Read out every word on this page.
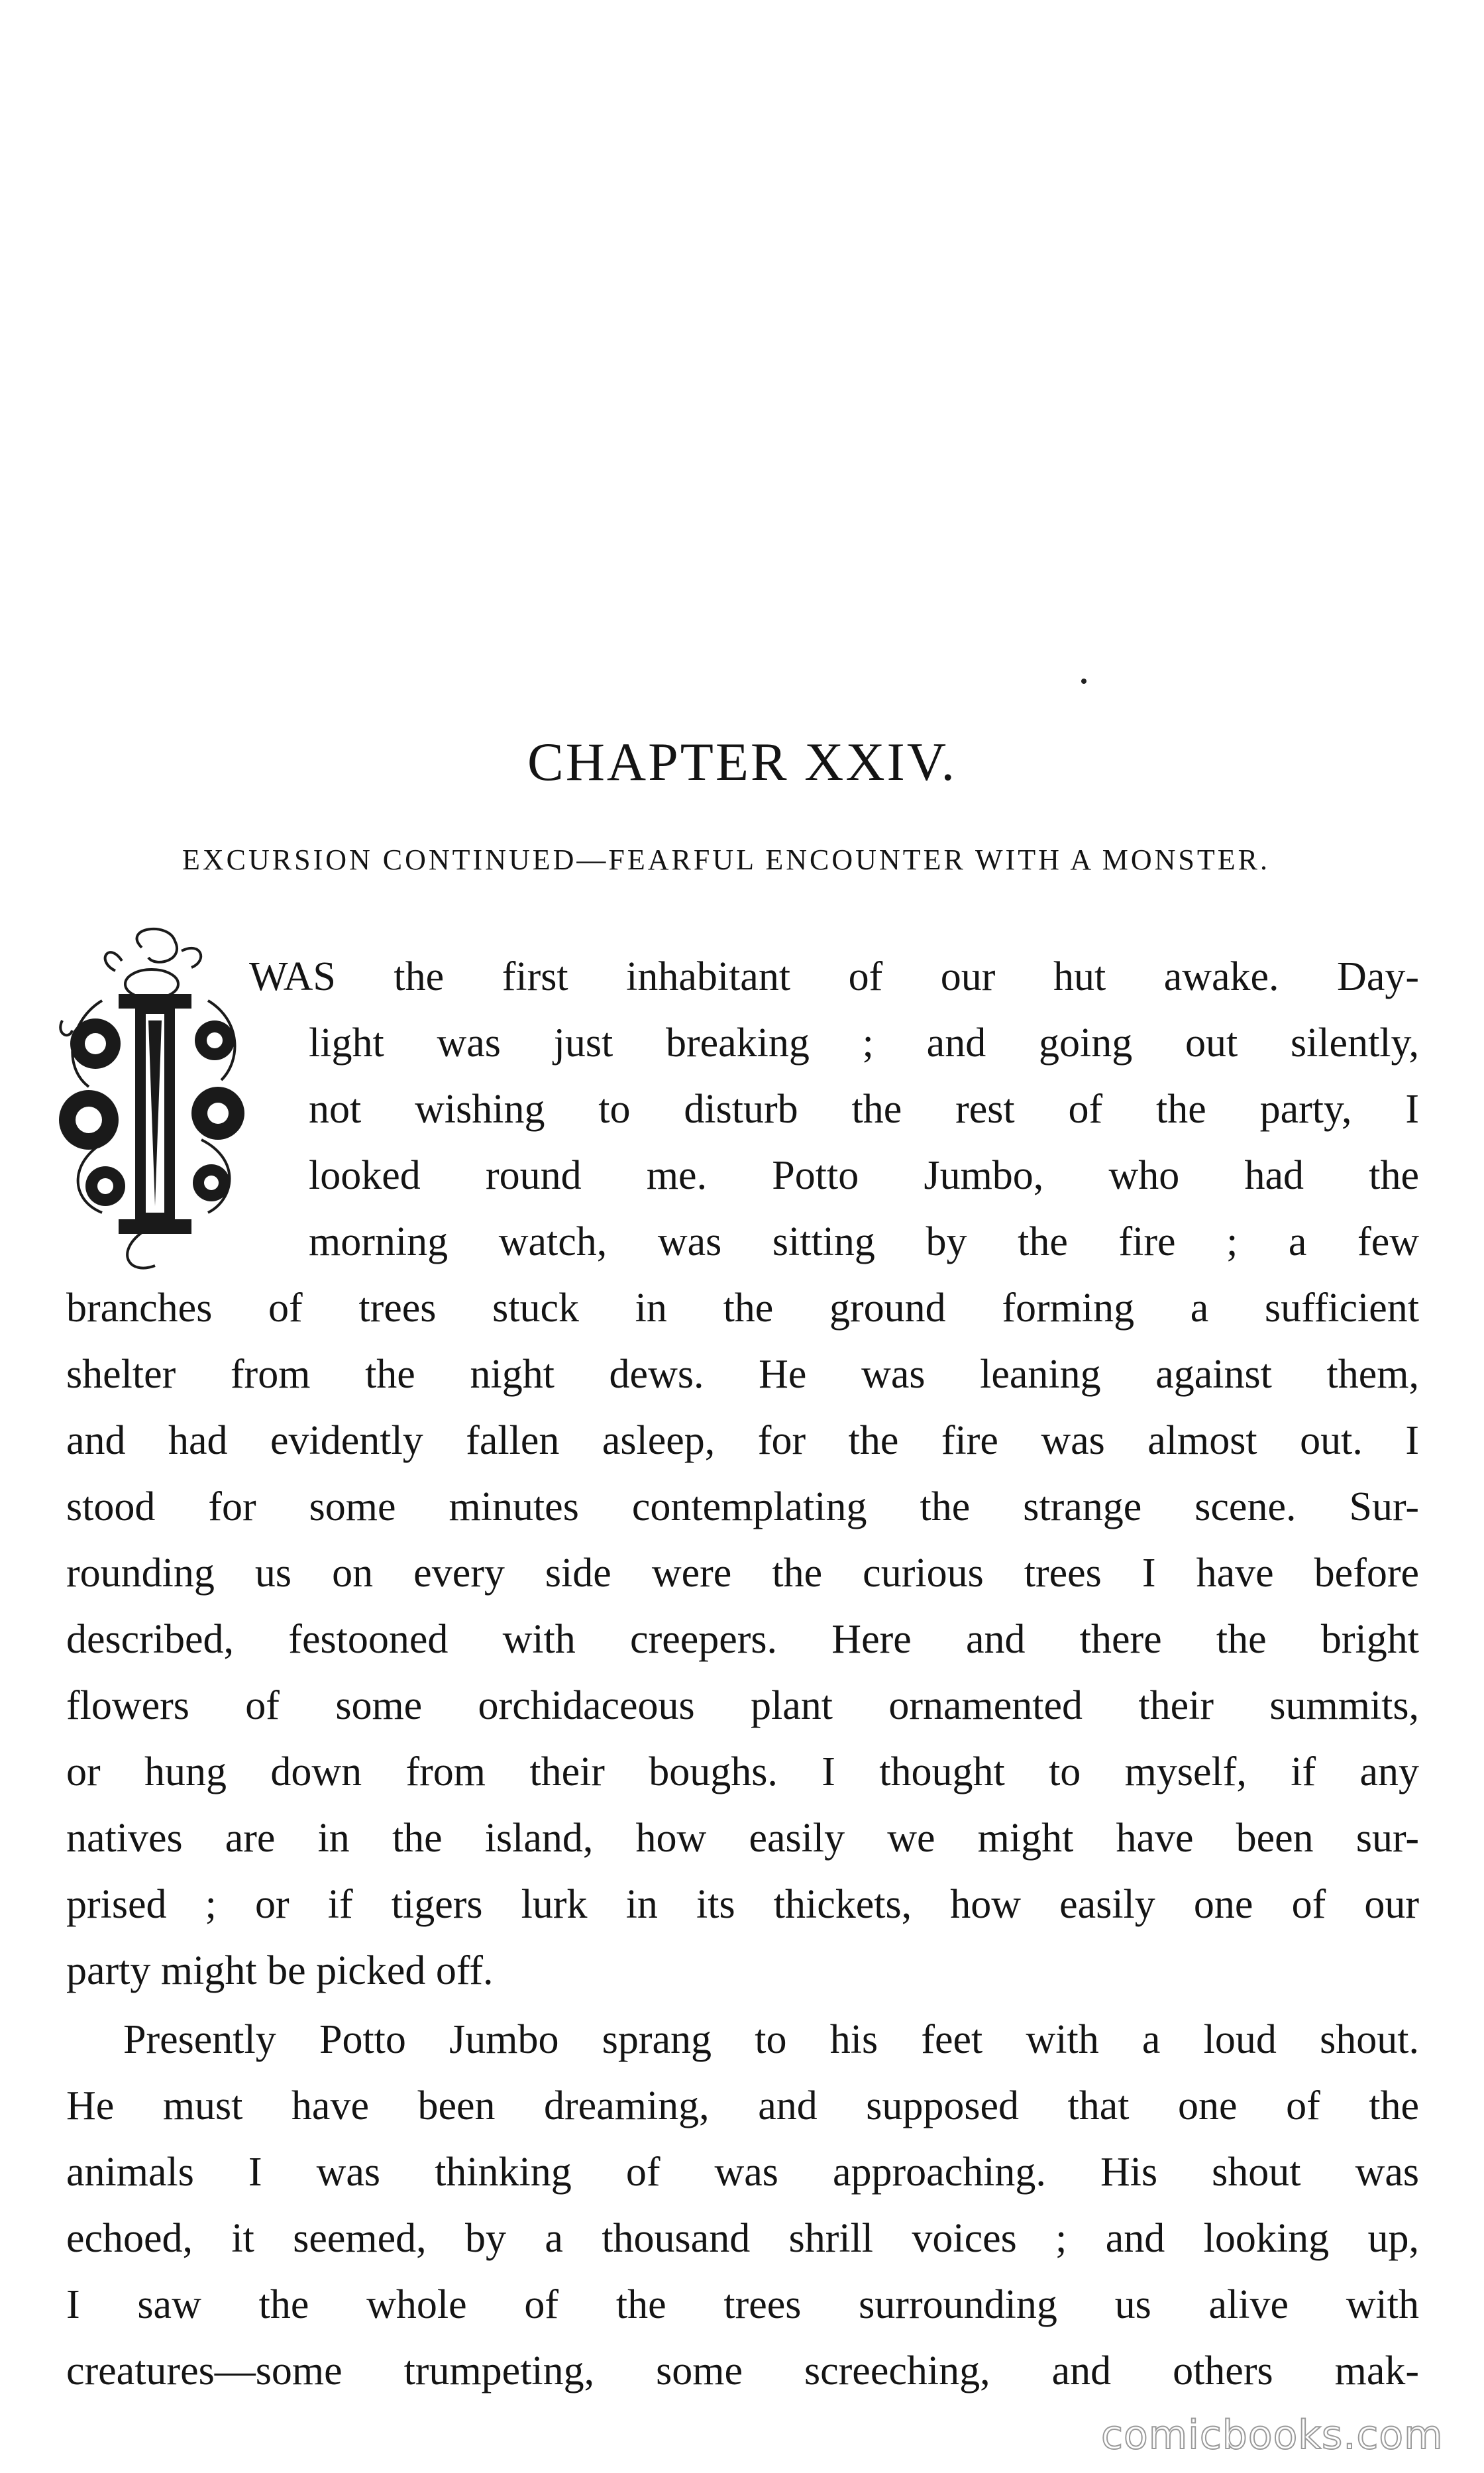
CHAPTER XXIV.
EXCURSION CONTINUED—FEARFUL ENCOUNTER WITH A MONSTER.
WAS the first inhabitant of our hut awake. Day-
light was just breaking ; and going out silently,
not wishing to disturb the rest of the party, I
looked round me. Potto Jumbo, who had the
morning watch, was sitting by the fire ; a few
branches of trees stuck in the ground forming a sufficient
shelter from the night dews. He was leaning against them,
and had evidently fallen asleep, for the fire was almost out. I
stood for some minutes contemplating the strange scene. Sur-
rounding us on every side were the curious trees I have before
described, festooned with creepers. Here and there the bright
flowers of some orchidaceous plant ornamented their summits,
or hung down from their boughs. I thought to myself, if any
natives are in the island, how easily we might have been sur-
prised ; or if tigers lurk in its thickets, how easily one of our
party might be picked off.
Presently Potto Jumbo sprang to his feet with a loud shout.
He must have been dreaming, and supposed that one of the
animals I was thinking of was approaching. His shout was
echoed, it seemed, by a thousand shrill voices ; and looking up,
I saw the whole of the trees surrounding us alive with
creatures—some trumpeting, some screeching, and others mak-
comicbooks.com
